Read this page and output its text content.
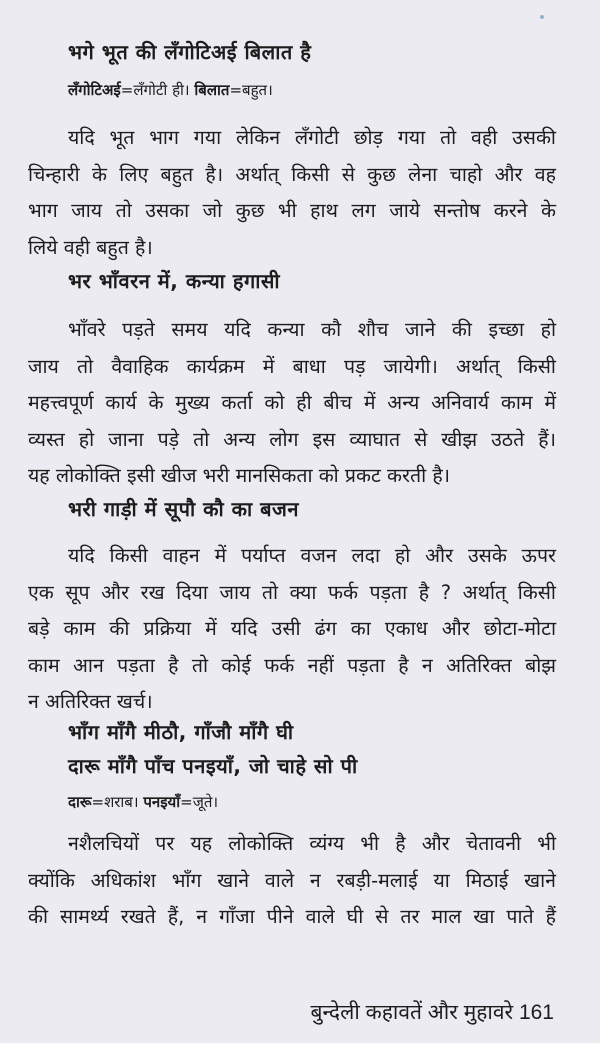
भगे भूत की लँगोटिअई बिलात है
लँगोटिअई=लँगोटी ही। बिलात=बहुत।
यदि भूत भाग गया लेकिन लँगोटी छोड़ गया तो वही उसकी
चिन्हारी के लिए बहुत है। अर्थात् किसी से कुछ लेना चाहो और वह
भाग जाय तो उसका जो कुछ भी हाथ लग जाये सन्तोष करने के
लिये वही बहुत है।
भर भाँवरन में, कन्या हगासी
भाँवरे पड़ते समय यदि कन्या कौ शौच जाने की इच्छा हो
जाय तो वैवाहिक कार्यक्रम में बाधा पड़ जायेगी। अर्थात् किसी
महत्त्वपूर्ण कार्य के मुख्य कर्ता को ही बीच में अन्य अनिवार्य काम में
व्यस्त हो जाना पड़े तो अन्य लोग इस व्याघात से खीझ उठते हैं।
यह लोकोक्ति इसी खीज भरी मानसिकता को प्रकट करती है।
भरी गाड़ी में सूपौ कौ का बजन
यदि किसी वाहन में पर्याप्त वजन लदा हो और उसके ऊपर
एक सूप और रख दिया जाय तो क्या फर्क पड़ता है ? अर्थात् किसी
बड़े काम की प्रक्रिया में यदि उसी ढंग का एकाध और छोटा-मोटा
काम आन पड़ता है तो कोई फर्क नहीं पड़ता है न अतिरिक्त बोझ
न अतिरिक्त खर्च।
भाँग माँगै मीठौ, गाँजौ माँगै घी
दारू माँगै पाँच पनइयाँ, जो चाहे सो पी
दारू=शराब। पनइयाँ=जूते।
नशैलचियों पर यह लोकोक्ति व्यंग्य भी है और चेतावनी भी
क्योंकि अधिकांश भाँग खाने वाले न रबड़ी-मलाई या मिठाई खाने
की सामर्थ्य रखते हैं, न गाँजा पीने वाले घी से तर माल खा पाते हैं
बुन्देली कहावतें और मुहावरे 161
